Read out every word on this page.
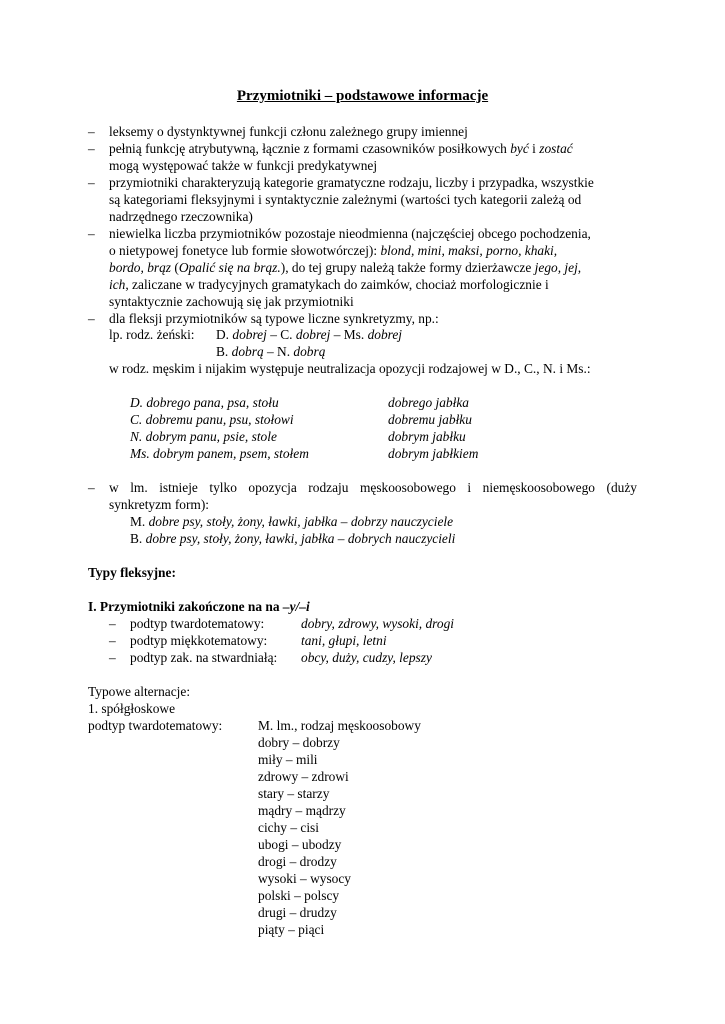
Przymiotniki – podstawowe informacje
– leksemy o dystynktywnej funkcji członu zależnego grupy imiennej
– pełnią funkcję atrybutywną, łącznie z formami czasowników posiłkowych być i zostać
mogą występować także w funkcji predykatywnej
– przymiotniki charakteryzują kategorie gramatyczne rodzaju, liczby i przypadka, wszystkie
są kategoriami fleksyjnymi i syntaktycznie zależnymi (wartości tych kategorii zależą od
nadrzędnego rzeczownika)
– niewielka liczba przymiotników pozostaje nieodmienna (najczęściej obcego pochodzenia,
o nietypowej fonetyce lub formie słowotwórczej): blond, mini, maksi, porno, khaki,
bordo, brąz (Opalić się na brąz.), do tej grupy należą także formy dzierżawcze jego, jej,
ich, zaliczane w tradycyjnych gramatykach do zaimków, chociaż morfologicznie i
syntaktycznie zachowują się jak przymiotniki
– dla fleksji przymiotników są typowe liczne synkretyzmy, np.:
lp. rodz. żeński: D. dobrej – C. dobrej – Ms. dobrej
B. dobrą – N. dobrą
w rodz. męskim i nijakim występuje neutralizacja opozycji rodzajowej w D., C., N. i Ms.:
D. dobrego pana, psa, stołu	dobrego jabłka
C. dobremu panu, psu, stołowi	dobremu jabłku
N. dobrym panu, psie, stole	dobrym jabłku
Ms. dobrym panem, psem, stołem	dobrym jabłkiem
– w lm. istnieje tylko opozycja rodzaju męskoosobowego i niemęskoosobowego (duży
synkretyzm form):
M. dobre psy, stoły, żony, ławki, jabłka – dobrzy nauczyciele
B. dobre psy, stoły, żony, ławki, jabłka – dobrych nauczycieli
Typy fleksyjne:
I. Przymiotniki zakończone na na –y/–i
– podtyp twardotematowy:	dobry, zdrowy, wysoki, drogi
– podtyp miękkotematowy:	tani, głupi, letni
– podtyp zak. na stwardniałą: obcy, duży, cudzy, lepszy
Typowe alternacje:
1. spółgłoskowe
podtyp twardotematowy:	M. lm., rodzaj męskoosobowy
dobry – dobrzy
miły – mili
zdrowy – zdrowi
stary – starzy
mądry – mądrzy
cichy – cisi
ubogi – ubodzy
drogi – drodzy
wysoki – wysocy
polski – polscy
drugi – drudzy
piąty – piąci
